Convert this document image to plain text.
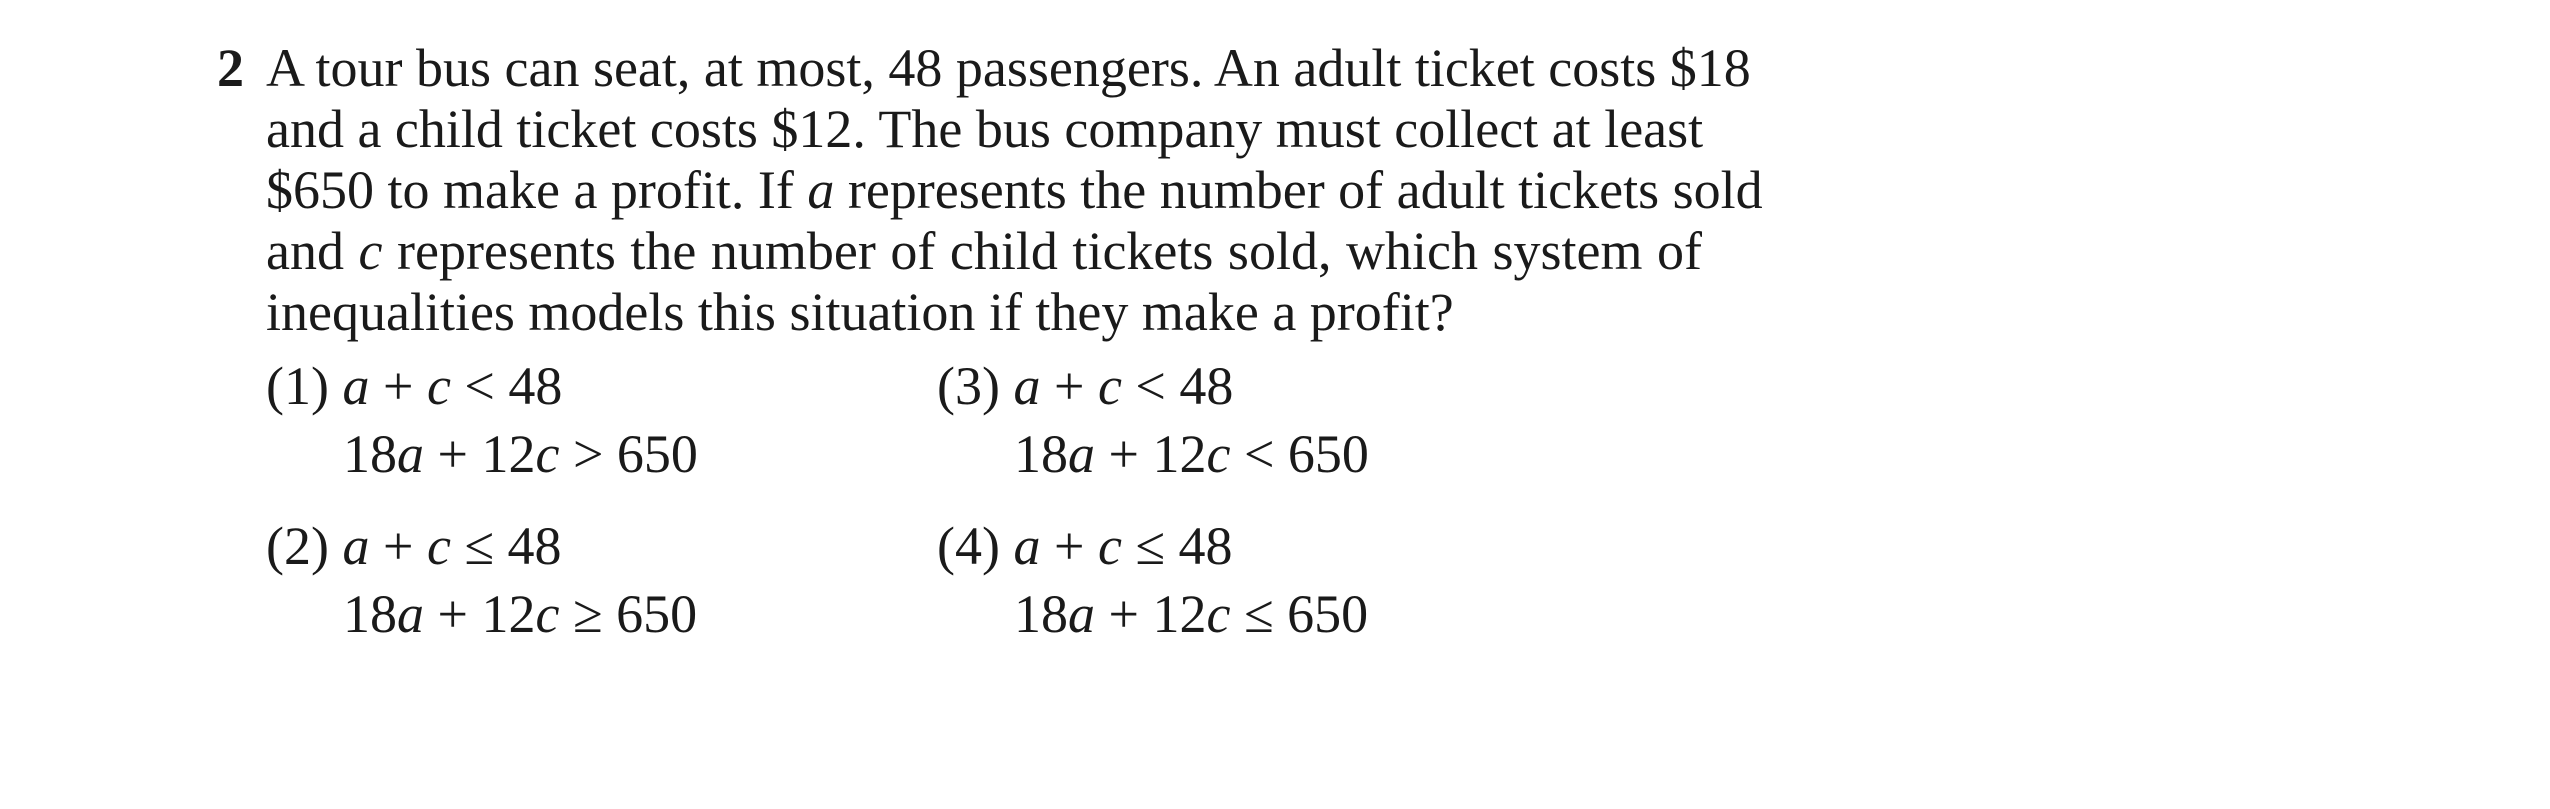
2 A tour bus can seat, at most, 48 passengers. An adult ticket costs $18
and a child ticket costs $12. The bus company must collect at least
$650 to make a profit. If a represents the number of adult tickets sold
and c represents the number of child tickets sold, which system of
inequalities models this situation if they make a profit?
(1) a + c < 48
18a + 12c > 650
(2) a + c ≤ 48
18a + 12c ≥ 650
(3) a + c < 48
18a + 12c < 650
(4) a + c ≤ 48
18a + 12c ≤ 650
